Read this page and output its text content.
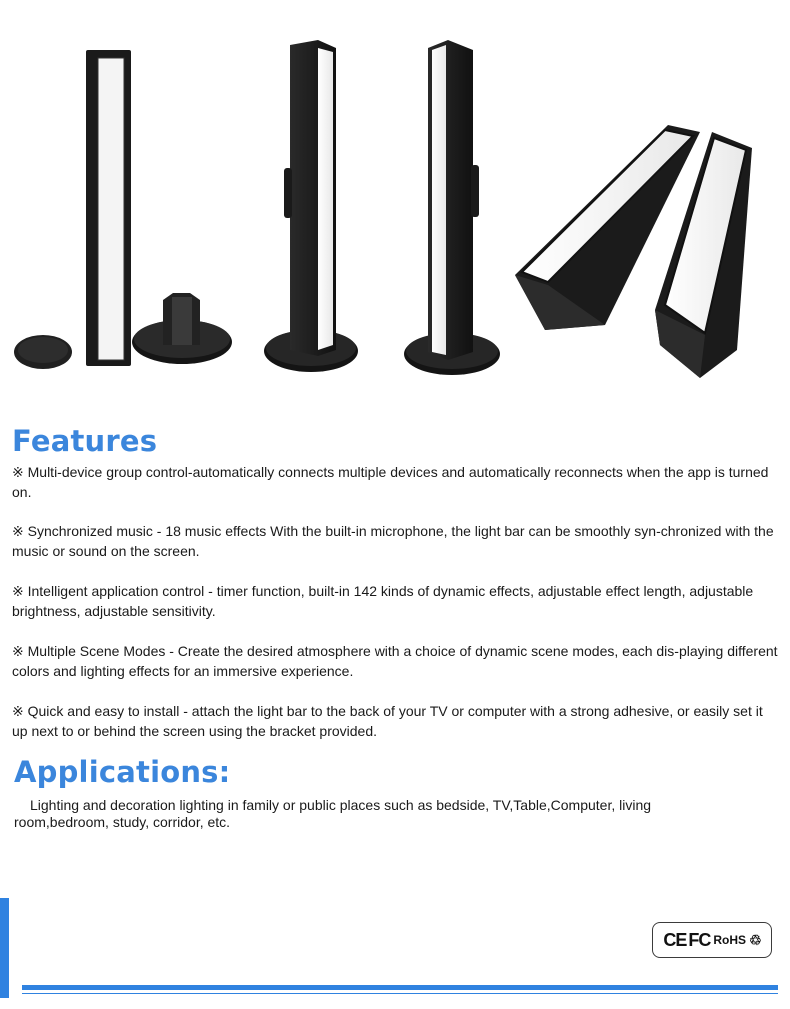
Features

※ Multi-device group control-automatically connects multiple devices and automatically reconnects when the app is turned on.

※ Synchronized music - 18 music effects With the built-in microphone, the light bar can be smoothly syn-chronized with the music or sound on the screen.

※ Intelligent application control - timer function, built-in 142 kinds of dynamic effects, adjustable effect length, adjustable brightness, adjustable sensitivity.

※ Multiple Scene Modes - Create the desired atmosphere with a choice of dynamic scene modes, each dis-playing different colors and lighting effects for an immersive experience.

※ Quick and easy to install - attach the light bar to the back of your TV or computer with a strong adhesive, or easily set it up next to or behind the screen using the bracket provided.

Applications:

Lighting and decoration lighting in family or public places such as bedside, TV,Table,Computer, living room,bedroom, study, corridor, etc.

CE FC RoHS ♲
